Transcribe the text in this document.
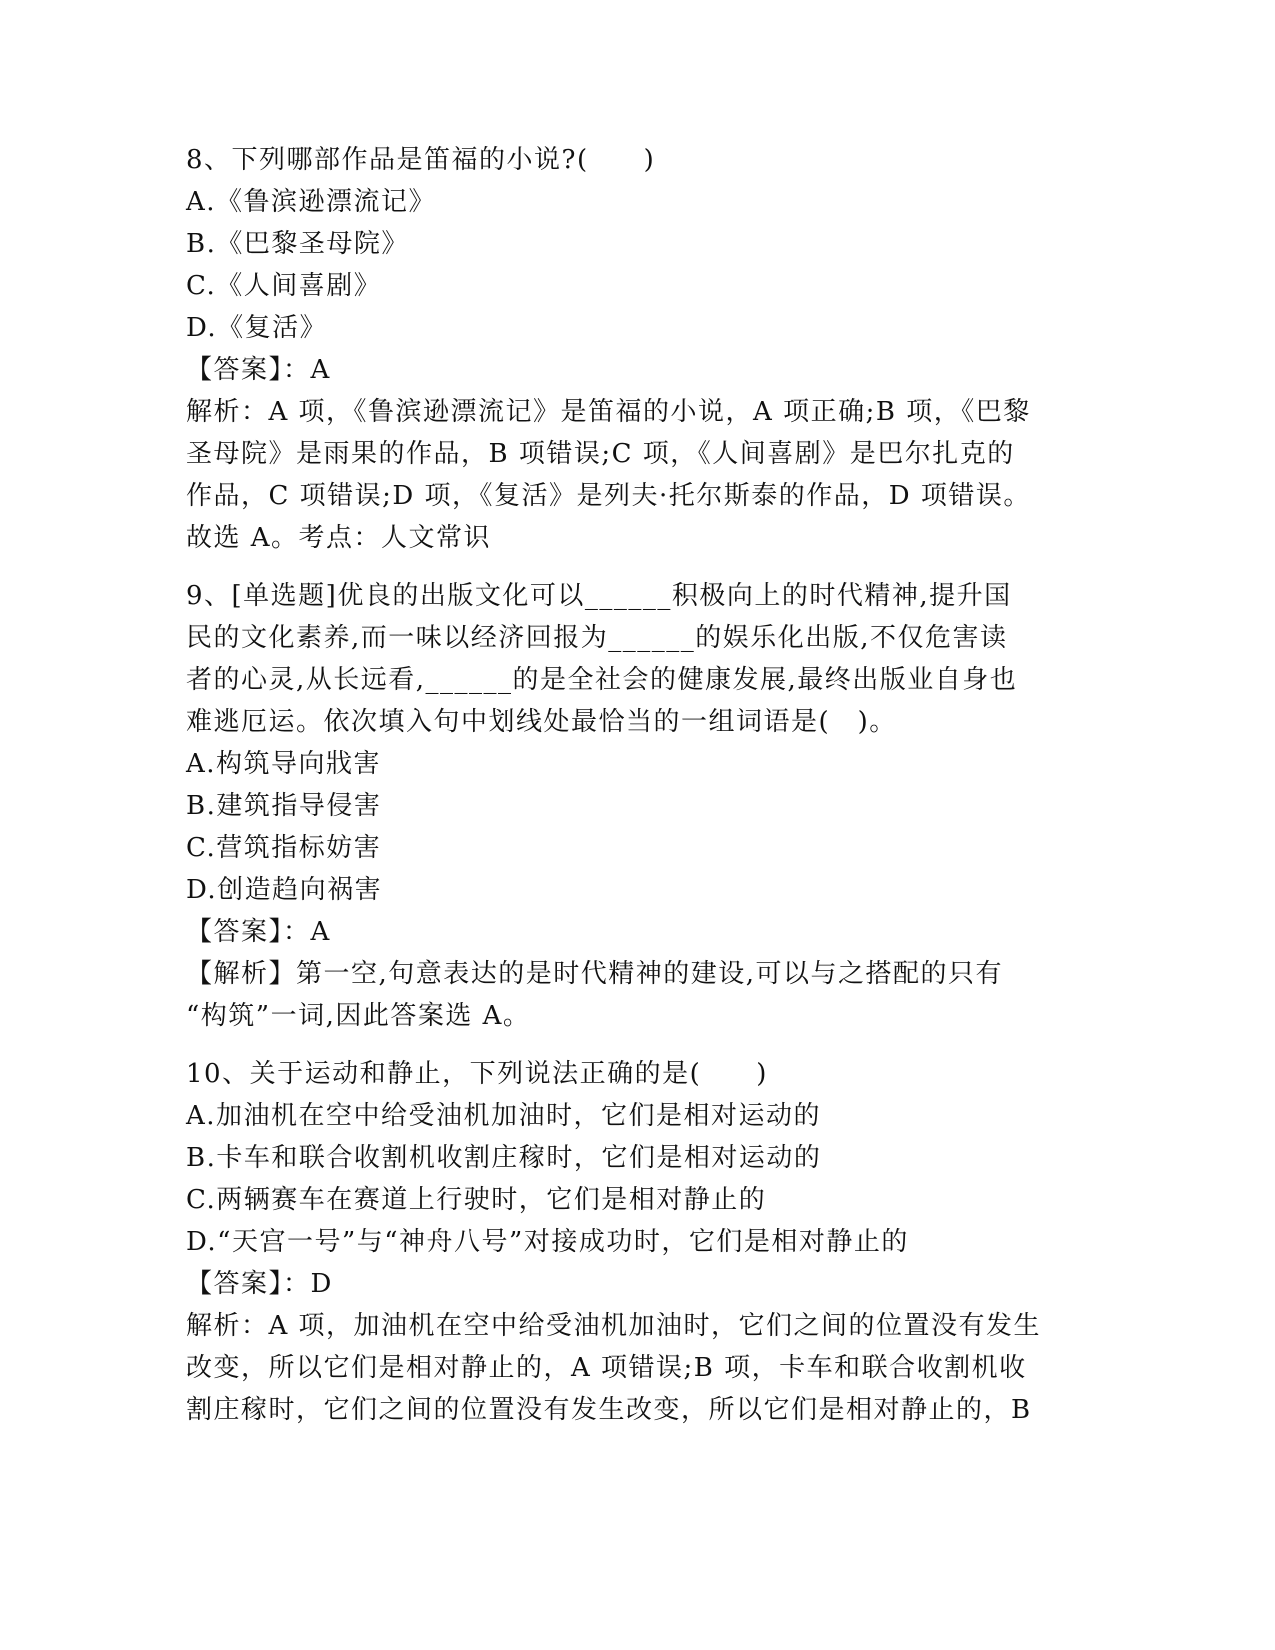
8、下列哪部作品是笛福的小说?(　　)
A.《鲁滨逊漂流记》
B.《巴黎圣母院》
C.《人间喜剧》
D.《复活》
【答案】：A
解析：A 项，《鲁滨逊漂流记》是笛福的小说，A 项正确;B 项，《巴黎
圣母院》是雨果的作品，B 项错误;C 项，《人间喜剧》是巴尔扎克的
作品，C 项错误;D 项，《复活》是列夫·托尔斯泰的作品，D 项错误。
故选 A。考点：人文常识
9、[单选题]优良的出版文化可以______积极向上的时代精神,提升国
民的文化素养,而一味以经济回报为______的娱乐化出版,不仅危害读
者的心灵,从长远看,______的是全社会的健康发展,最终出版业自身也
难逃厄运。依次填入句中划线处最恰当的一组词语是(　)。
A.构筑导向戕害
B.建筑指导侵害
C.营筑指标妨害
D.创造趋向祸害
【答案】：A
【解析】第一空,句意表达的是时代精神的建设,可以与之搭配的只有
“构筑”一词,因此答案选 A。
10、关于运动和静止，下列说法正确的是(　　)
A.加油机在空中给受油机加油时，它们是相对运动的
B.卡车和联合收割机收割庄稼时，它们是相对运动的
C.两辆赛车在赛道上行驶时，它们是相对静止的
D.“天宫一号”与“神舟八号”对接成功时，它们是相对静止的
【答案】：D
解析：A 项，加油机在空中给受油机加油时，它们之间的位置没有发生
改变，所以它们是相对静止的，A 项错误;B 项，卡车和联合收割机收
割庄稼时，它们之间的位置没有发生改变，所以它们是相对静止的，B
